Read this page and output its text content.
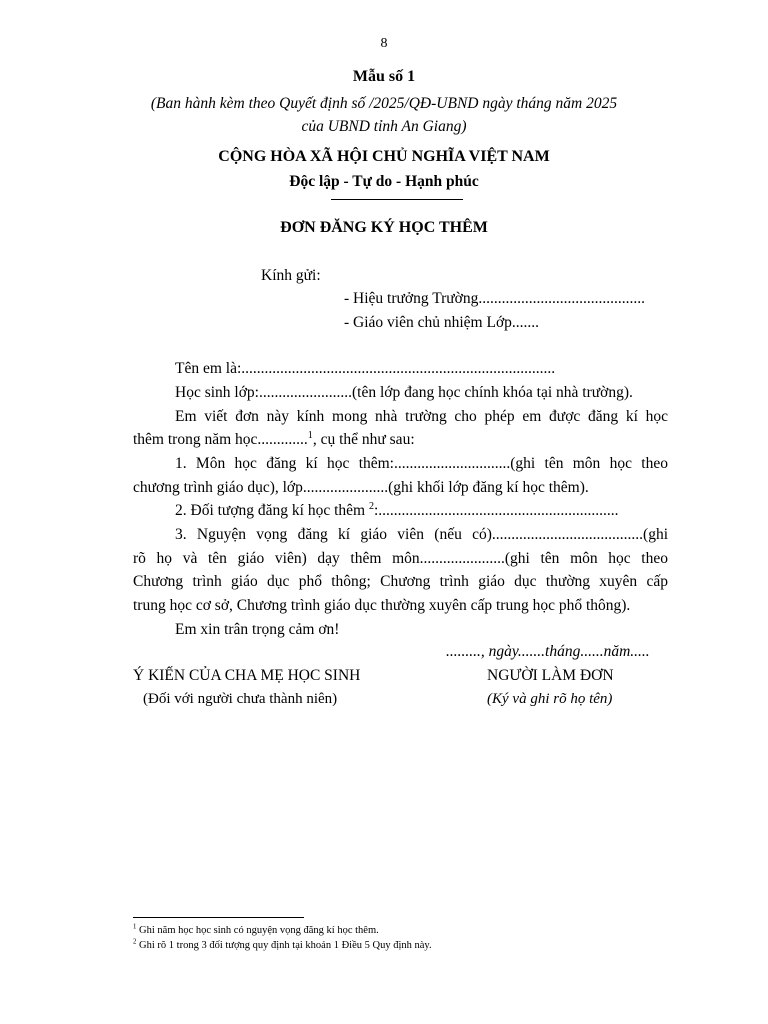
8
Mẫu số 1
(Ban hành kèm theo Quyết định số /2025/QĐ-UBND ngày tháng năm 2025
của UBND tỉnh An Giang)
CỘNG HÒA XÃ HỘI CHỦ NGHĨA VIỆT NAM
Độc lập - Tự do - Hạnh phúc
ĐƠN ĐĂNG KÝ HỌC THÊM
Kính gửi:
- Hiệu trưởng Trường...........................................
- Giáo viên chủ nhiệm Lớp.......
Tên em là:.................................................................................
Học sinh lớp:........................(tên lớp đang học chính khóa tại nhà trường).
Em viết đơn này kính mong nhà trường cho phép em được đăng kí học
thêm trong năm học.............$^1$, cụ thể như sau:
1. Môn học đăng kí học thêm:..............................(ghi tên môn học theo
chương trình giáo dục), lớp......................(ghi khối lớp đăng kí học thêm).
2. Đối tượng đăng kí học thêm $^2$:..............................................................
3. Nguyện vọng đăng kí giáo viên (nếu có).......................................(ghi
rõ họ và tên giáo viên) dạy thêm môn......................(ghi tên môn học theo
Chương trình giáo dục phổ thông; Chương trình giáo dục thường xuyên cấp
trung học cơ sở, Chương trình giáo dục thường xuyên cấp trung học phổ thông).
Em xin trân trọng cảm ơn!
........., ngày.......tháng......năm.....
Ý KIẾN CỦA CHA MẸ HỌC SINH
(Đối với người chưa thành niên)
NGƯỜI LÀM ĐƠN
(Ký và ghi rõ họ tên)
$^1$ Ghi năm học học sinh có nguyện vọng đăng kí học thêm.
$^2$ Ghi rõ 1 trong 3 đối tượng quy định tại khoản 1 Điều 5 Quy định này.
